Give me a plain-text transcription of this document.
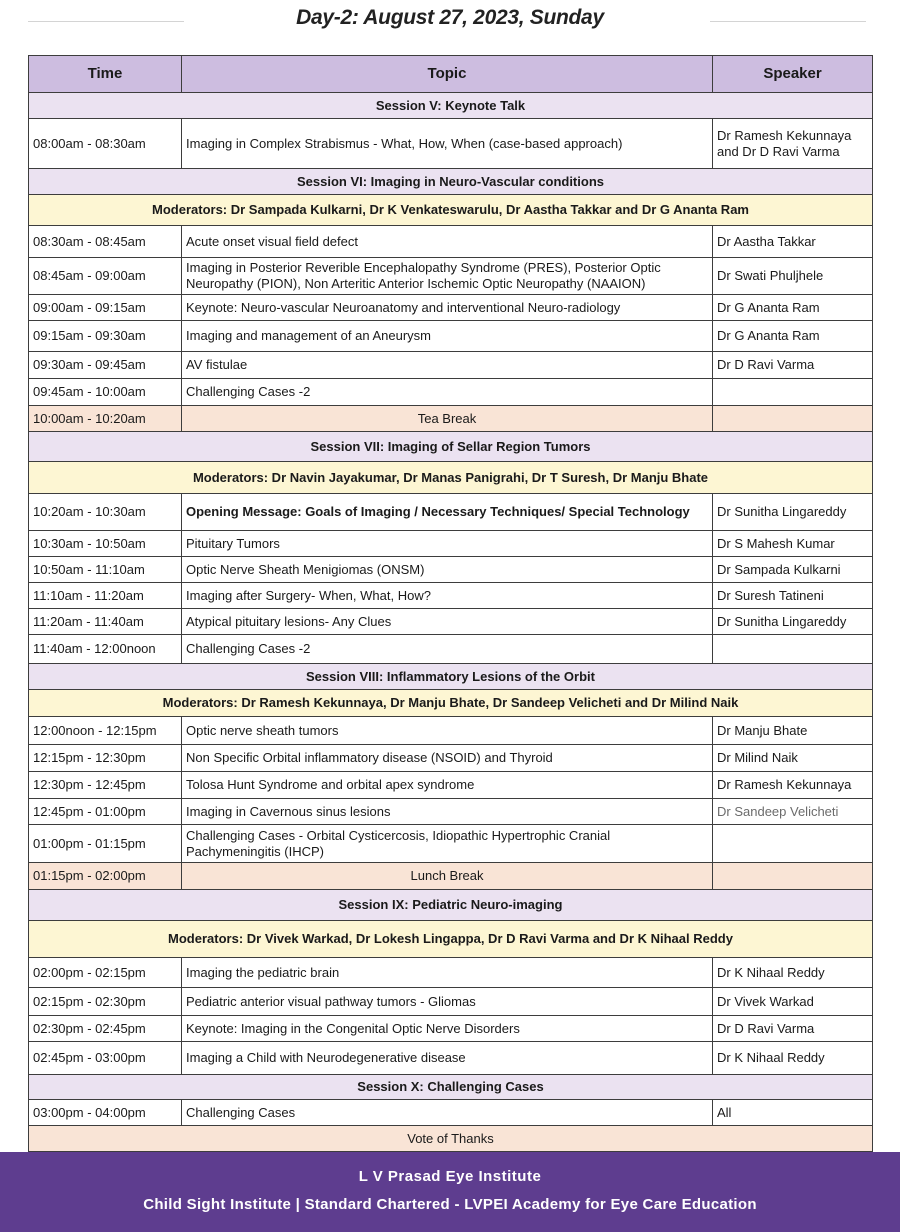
Day-2: August 27, 2023, Sunday
Time	Topic	Speaker
Session V: Keynote Talk		
08:00am - 08:30am	Imaging in Complex Strabismus - What, How, When (case-based approach)	Dr Ramesh Kekunnaya and Dr D Ravi Varma
Session VI: Imaging in Neuro-Vascular conditions		
Moderators: Dr Sampada Kulkarni, Dr K Venkateswarulu, Dr Aastha Takkar and Dr G Ananta Ram		
08:30am - 08:45am	Acute onset visual field defect	Dr Aastha Takkar
08:45am - 09:00am	Imaging in Posterior Reverible Encephalopathy Syndrome (PRES), Posterior Optic Neuropathy (PION), Non Arteritic Anterior Ischemic Optic Neuropathy (NAAION)	Dr Swati Phuljhele
09:00am - 09:15am	Keynote: Neuro-vascular Neuroanatomy and interventional Neuro-radiology	Dr G Ananta Ram
09:15am - 09:30am	Imaging and management of an Aneurysm	Dr G Ananta Ram
09:30am - 09:45am	AV fistulae	Dr D Ravi Varma
09:45am - 10:00am	Challenging Cases -2	
10:00am - 10:20am	Tea Break	
Session VII: Imaging of Sellar Region Tumors		
Moderators: Dr Navin Jayakumar, Dr Manas Panigrahi, Dr T Suresh, Dr Manju Bhate		
10:20am - 10:30am	Opening Message: Goals of Imaging / Necessary Techniques/ Special Technology	Dr Sunitha Lingareddy
10:30am - 10:50am	Pituitary Tumors	Dr S Mahesh Kumar
10:50am - 11:10am	Optic Nerve Sheath Menigiomas (ONSM)	Dr Sampada Kulkarni
11:10am - 11:20am	Imaging after Surgery- When, What, How?	Dr Suresh Tatineni
11:20am - 11:40am	Atypical pituitary lesions- Any Clues	Dr Sunitha Lingareddy
11:40am - 12:00noon	Challenging Cases -2	
Session VIII: Inflammatory Lesions of the Orbit		
Moderators: Dr Ramesh Kekunnaya, Dr Manju Bhate, Dr Sandeep Velicheti and Dr Milind Naik		
12:00noon - 12:15pm	Optic nerve sheath tumors	Dr Manju Bhate
12:15pm - 12:30pm	Non Specific Orbital inflammatory disease (NSOID) and Thyroid	Dr Milind Naik
12:30pm - 12:45pm	Tolosa Hunt Syndrome and orbital apex syndrome	Dr Ramesh Kekunnaya
12:45pm - 01:00pm	Imaging in Cavernous sinus lesions	Dr Sandeep Velicheti
01:00pm - 01:15pm	Challenging Cases - Orbital Cysticercosis, Idiopathic Hypertrophic Cranial Pachymeningitis (IHCP)	
01:15pm - 02:00pm	Lunch Break	
Session IX: Pediatric Neuro-imaging		
Moderators: Dr Vivek Warkad, Dr Lokesh Lingappa, Dr D Ravi Varma and Dr K Nihaal Reddy		
02:00pm - 02:15pm	Imaging the pediatric brain	Dr K Nihaal Reddy
02:15pm - 02:30pm	Pediatric anterior visual pathway tumors - Gliomas	Dr Vivek Warkad
02:30pm - 02:45pm	Keynote: Imaging in the Congenital Optic Nerve Disorders	Dr D Ravi Varma
02:45pm - 03:00pm	Imaging a Child with Neurodegenerative disease	Dr K Nihaal Reddy
Session X: Challenging Cases		
03:00pm - 04:00pm	Challenging Cases	All
Vote of Thanks		
L V Prasad Eye Institute
Child Sight Institute | Standard Chartered - LVPEI Academy for Eye Care Education
